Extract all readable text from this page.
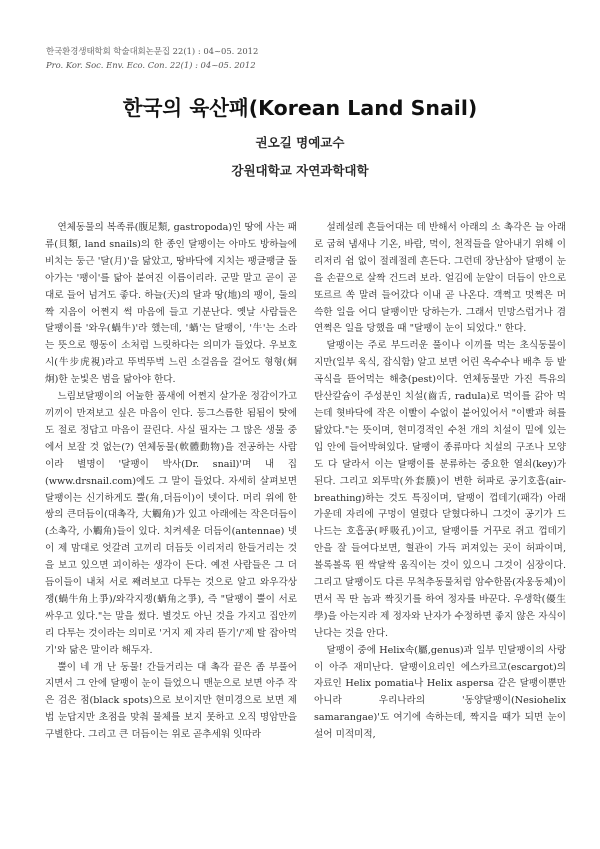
한국환경생태학회 학술대회논문집 22(1) : 04~05. 2012
Pro. Kor. Soc. Env. Eco. Con. 22(1) : 04~05. 2012
한국의 육산패(Korean Land Snail)
권오길 명예교수
강원대학교 자연과학대학

연체동물의 복족류(腹足類, gastropoda)인 땅에 사는 패류(貝類, land snails)의 한 종인 달팽이는 아마도 방하늘에 비치는 둥근 '달(月)'을 닮았고, 땅바닥에 지치는 팽글팽글 돌아가는 '팽이'를 닮아 붙여진 이름이리라. 군말 말고 곧이 곧대로 들어 넘겨도 좋다. 하늘(天)의 달과 땅(地)의 팽이, 둘의 짝 지음이 어쩐지 썩 마음에 들고 기분난다. 옛날 사람들은 달팽이를 '와우(蝸牛)'라 했는데, '蝸'는 달팽이, '牛'는 소라는 뜻으로 행동이 소처럼 느릿하다는 의미가 들었다. 우보호시(牛步虎視)라고 뚜벅뚜벅 느린 소걸음을 걸어도 형형(炯炯)한 눈빛은 범을 닮아야 한다.

느림보달팽이의 어눌한 품새에 어쩐지 살가운 정감이가고 끼끼이 만져보고 싶은 마음이 인다. 등그스름한 됨됨이 탓에도 절로 정답고 마음이 끌린다. 사실 필자는 그 많은 생물 중에서 보잘 것 없는(?) 연체동물(軟體動物)을 전공하는 사람이라 별명이 '달팽이 박사(Dr. snail)'며 내 집(www.drsnail.com)에도 그 말이 들었다. 자세히 살펴보면 달팽이는 신기하게도 뿔(角,더듬이)이 넷이다. 머리 위에 한 쌍의 큰더듬이(대촉각, 大觸角)가 있고 아래에는 작은더듬이(소촉각, 小觸角)들이 있다. 치켜세운 더듬이(antennae) 넷이 제 맘대로 엇갈려 고끼리 더듬듯 이리저리 한들거리는 것을 보고 있으면 괴이하는 생각이 든다. 예전 사람들은 그 더듬이들이 내처 서로 째려보고 다투는 것으로 알고 와우각상쟁(蝸牛角上爭)/와각지쟁(蝸角之爭), 즉 "달팽이 뿔이 서로 싸우고 있다."는 말을 썼다. 별것도 아닌 것을 가지고 집안끼리 다투는 것이라는 의미로 '거지 제 자리 뜯기'/'제 탈 잡아먹기'와 닮은 말이라 해두자.

뿔이 네 개 난 동물! 간들거리는 대 촉각 끝은 좀 부풀어 지면서 그 안에 달팽이 눈이 들었으니 맨눈으로 보면 아주 작은 검은 점(black spots)으로 보이지만 현미경으로 보면 제법 눈답지만 초점을 맞춰 물체를 보지 못하고 오직 명암만을 구별한다. 그리고 큰 더듬이는 위로 곧추세워 잇따라

설레설레 흔들어대는 데 반해서 아래의 소 촉각은 늘 아래로 굽혀 냄새나 기온, 바람, 먹이, 천적들을 알아내기 위해 이리저리 쉼 없이 절레절레 흔든다. 그런데 장난삼아 달팽이 눈을 손끝으로 살짝 건드려 보라. 얼김에 눈알이 더듬이 안으로 또르르 쏙 말려 들어갔다 이내 곧 나온다. 객쩍고 멋쩍은 머쓱한 일을 어디 달팽이만 당하는가. 그래서 민망스럽거나 겸연쩍은 일을 당했을 때 "달팽이 눈이 되었다." 한다.

달팽이는 주로 부드러운 풀이나 이끼를 먹는 초식동물이지만(일부 육식, 잡식함) 알고 보면 어린 옥수수나 배추 등 밭곡식을 뜯어먹는 해충(pest)이다. 연체동물만 가진 특유의 탄산칼슘이 주성분인 치설(齒舌, radula)로 먹이를 갉아 먹는데 혓바닥에 작은 이빨이 수없이 붙어있어서 "이빨과 혀를 닮았다."는 뜻이며, 현미경적인 수천 개의 치설이 밑에 있는 입 안에 들어박혀있다. 달팽이 종류마다 치설의 구조나 모양도 다 달라서 이는 달팽이를 분류하는 중요한 열쇠(key)가 된다. 그리고 외투막(外套膜)이 변한 허파로 공기호흡(air-breathing)하는 것도 특징이며, 달팽이 껍데기(패각) 아래 가운데 자리에 구멍이 열렸다 닫혔다하니 그것이 공기가 드나드는 호흡공(呼吸孔)이고, 달팽이를 거꾸로 쥐고 껍데기 안을 잘 들여다보면, 혈관이 가득 퍼져있는 곳이 허파이며, 볼록볼록 뛴 싹달싹 움직이는 것이 있으니 그것이 심장이다. 그리고 달팽이도 다른 무척추동물처럼 암수한몸(자웅동체)이면서 꼭 딴 놈과 짝짓기를 하여 정자를 바꾼다. 우생학(優生學)을 아는지라 제 정자와 난자가 수정하면 좋지 않은 자식이 난다는 것을 안다.

달팽이 중에 Helix속(屬,genus)과 일부 민달팽이의 사랑이 아주 재미난다. 달팽이요리인 에스카르고(escargot)의 자료인 Helix pomatia나 Helix aspersa 같은 달팽이뿐만 아니라 우리나라의 '동양달팽이(Nesiohelix samarangae)'도 여기에 속하는데, 짝지을 때가 되면 눈이 설어 미적미적,
